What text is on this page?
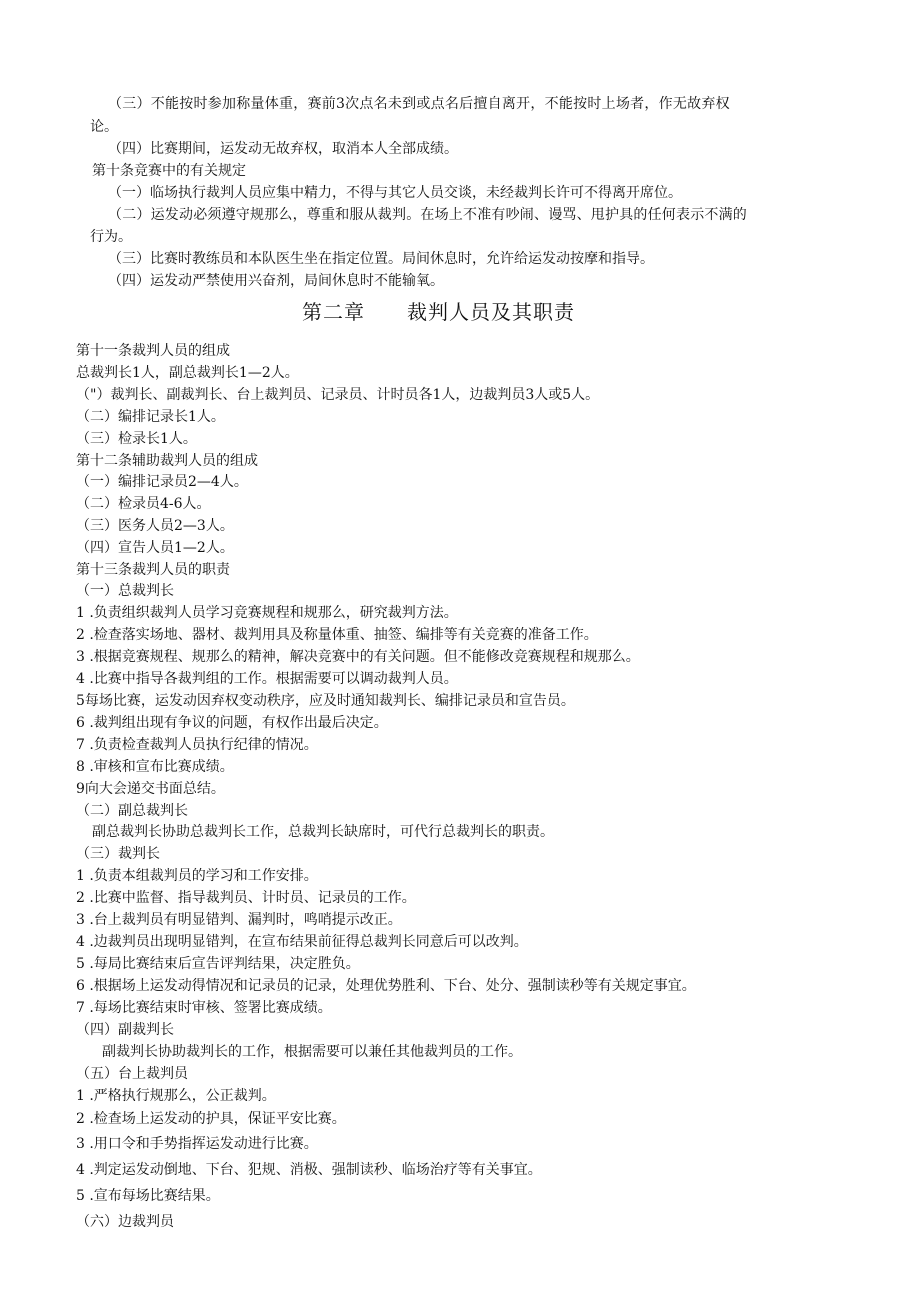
（三）不能按时参加称量体重，赛前3次点名未到或点名后擅自离开，不能按时上场者，作无故弃权
论。
（四）比赛期间，运发动无故弃权，取消本人全部成绩。
第十条竞赛中的有关规定
（一）临场执行裁判人员应集中精力，不得与其它人员交谈，未经裁判长许可不得离开席位。
（二）运发动必须遵守规那么，尊重和服从裁判。在场上不准有吵闹、谩骂、甩护具的任何表示不满的
行为。
（三）比赛时教练员和本队医生坐在指定位置。局间休息时，允许给运发动按摩和指导。
（四）运发动严禁使用兴奋剂，局间休息时不能输氧。
第二章　　裁判人员及其职责
第十一条裁判人员的组成
总裁判长1人，副总裁判长1—2人。
（"）裁判长、副裁判长、台上裁判员、记录员、计时员各1人，边裁判员3人或5人。
（二）编排记录长1人。
（三）检录长1人。
第十二条辅助裁判人员的组成
（一）编排记录员2—4人。
（二）检录员4-6人。
（三）医务人员2—3人。
（四）宣告人员1—2人。
第十三条裁判人员的职责
（一）总裁判长
1 .负责组织裁判人员学习竞赛规程和规那么，研究裁判方法。
2 .检查落实场地、器材、裁判用具及称量体重、抽签、编排等有关竞赛的准备工作。
3 .根据竞赛规程、规那么的精神，解决竞赛中的有关问题。但不能修改竞赛规程和规那么。
4 .比赛中指导各裁判组的工作。根据需要可以调动裁判人员。
5每场比赛，运发动因弃权变动秩序，应及时通知裁判长、编排记录员和宣告员。
6 .裁判组出现有争议的问题，有权作出最后决定。
7 .负责检查裁判人员执行纪律的情况。
8 .审核和宣布比赛成绩。
9向大会递交书面总结。
（二）副总裁判长
副总裁判长协助总裁判长工作，总裁判长缺席时，可代行总裁判长的职责。
（三）裁判长
1 .负责本组裁判员的学习和工作安排。
2 .比赛中监督、指导裁判员、计时员、记录员的工作。
3 .台上裁判员有明显错判、漏判时，鸣哨提示改正。
4 .边裁判员出现明显错判，在宣布结果前征得总裁判长同意后可以改判。
5 .每局比赛结束后宣告评判结果，决定胜负。
6 .根据场上运发动得情况和记录员的记录，处理优势胜利、下台、处分、强制读秒等有关规定事宜。
7 .每场比赛结束时审核、签署比赛成绩。
（四）副裁判长
副裁判长协助裁判长的工作，根据需要可以兼任其他裁判员的工作。
（五）台上裁判员
1 .严格执行规那么，公正裁判。
2 .检查场上运发动的护具，保证平安比赛。
3 .用口令和手势指挥运发动进行比赛。
4 .判定运发动倒地、下台、犯规、消极、强制读秒、临场治疗等有关事宜。
5 .宣布每场比赛结果。
（六）边裁判员
